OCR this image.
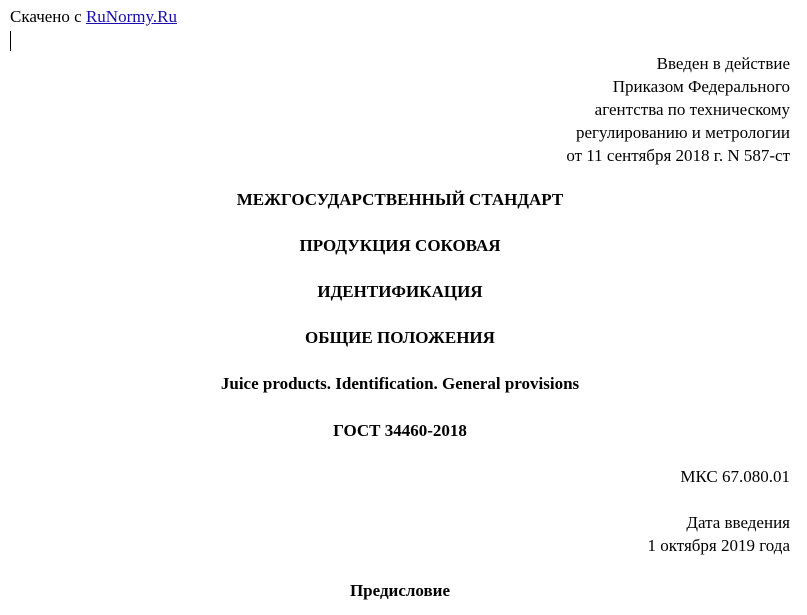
Скачено с RuNormy.Ru
Введен в действие
Приказом Федерального
агентства по техническому
регулированию и метрологии
от 11 сентября 2018 г. N 587-ст
МЕЖГОСУДАРСТВЕННЫЙ СТАНДАРТ
ПРОДУКЦИЯ СОКОВАЯ
ИДЕНТИФИКАЦИЯ
ОБЩИЕ ПОЛОЖЕНИЯ
Juice products. Identification. General provisions
ГОСТ 34460-2018
МКС 67.080.01
Дата введения
1 октября 2019 года
Предисловие
